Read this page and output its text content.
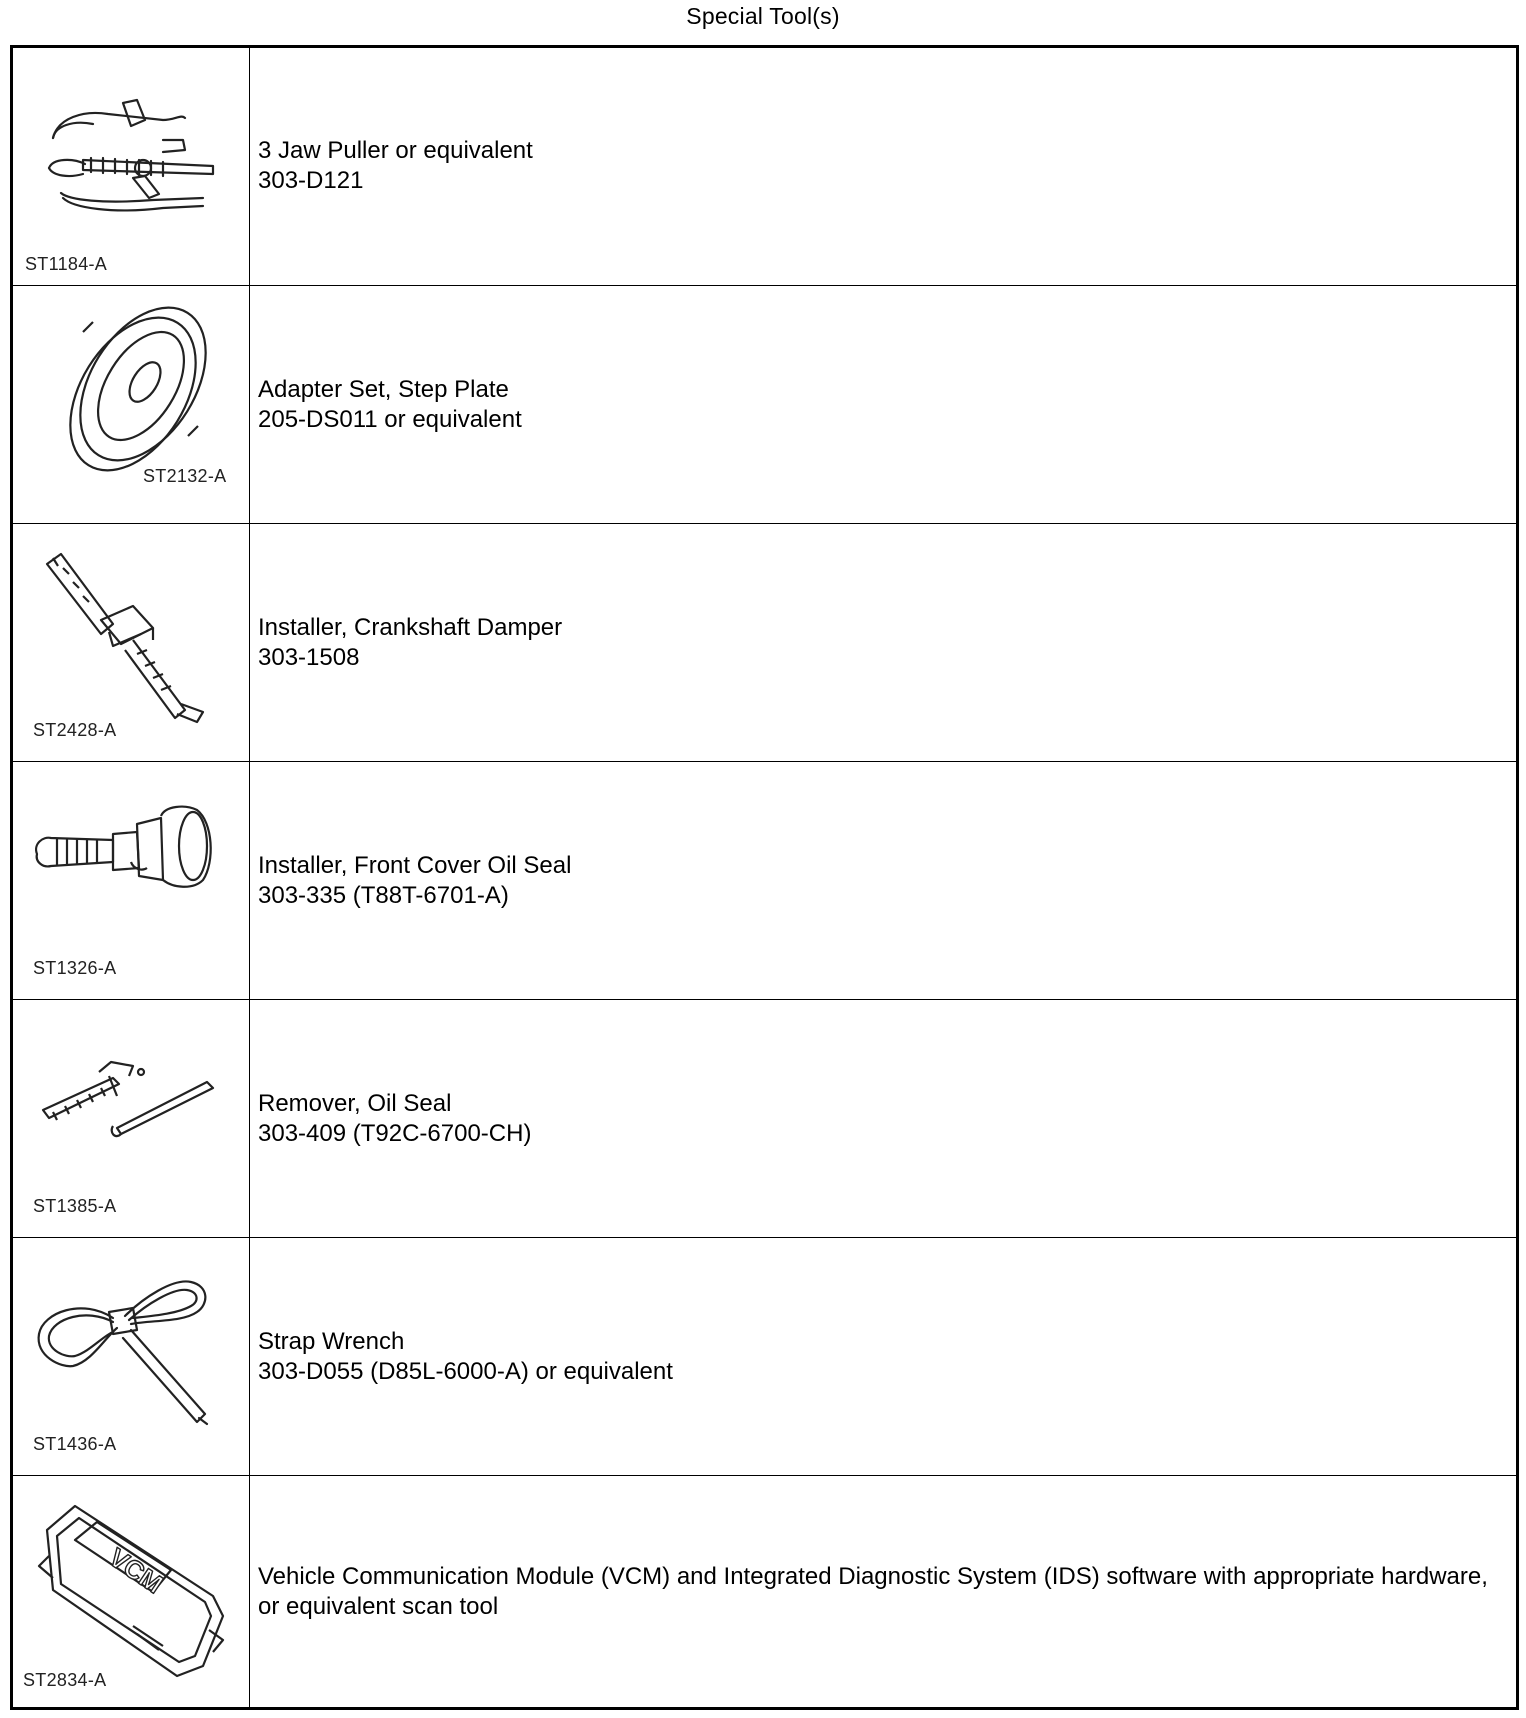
Special Tool(s)
ST1184-A
3 Jaw Puller or equivalent
303-D121
ST2132-A
Adapter Set, Step Plate
205-DS011 or equivalent
ST2428-A
Installer, Crankshaft Damper
303-1508
ST1326-A
Installer, Front Cover Oil Seal
303-335 (T88T-6701-A)
ST1385-A
Remover, Oil Seal
303-409 (T92C-6700-CH)
ST1436-A
Strap Wrench
303-D055 (D85L-6000-A) or equivalent
VCM
ST2834-A
Vehicle Communication Module (VCM) and Integrated Diagnostic System (IDS) software with appropriate hardware, or equivalent scan tool
